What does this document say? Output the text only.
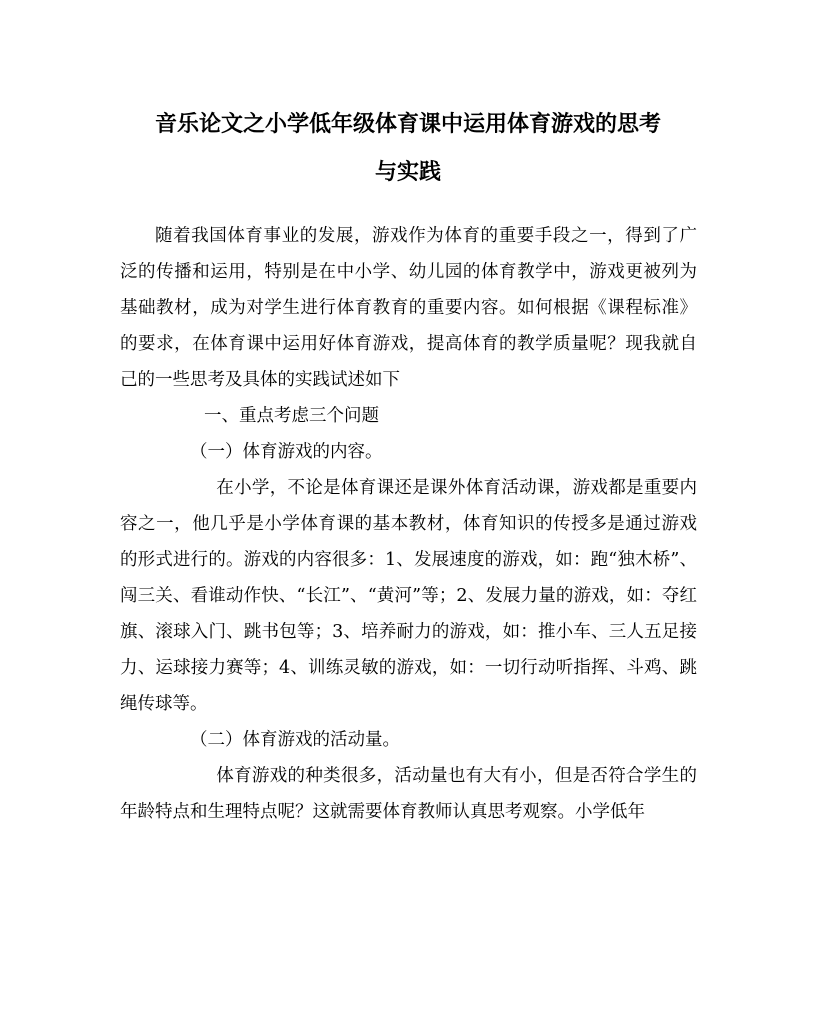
音乐论文之小学低年级体育课中运用体育游戏的思考
与实践

随着我国体育事业的发展，游戏作为体育的重要手段之一，得到了广泛的传播和运用，特别是在中小学、幼儿园的体育教学中，游戏更被列为基础教材，成为对学生进行体育教育的重要内容。如何根据《课程标准》的要求，在体育课中运用好体育游戏，提高体育的教学质量呢？现我就自己的一些思考及具体的实践试述如下

一、重点考虑三个问题

（一）体育游戏的内容。

在小学，不论是体育课还是课外体育活动课，游戏都是重要内容之一，他几乎是小学体育课的基本教材，体育知识的传授多是通过游戏的形式进行的。游戏的内容很多：1、发展速度的游戏，如：跑“独木桥”、闯三关、看谁动作快、“长江”、“黄河”等；2、发展力量的游戏，如：夺红旗、滚球入门、跳书包等；3、培养耐力的游戏，如：推小车、三人五足接力、运球接力赛等；4、训练灵敏的游戏，如：一切行动听指挥、斗鸡、跳绳传球等。

（二）体育游戏的活动量。

体育游戏的种类很多，活动量也有大有小，但是否符合学生的年龄特点和生理特点呢？这就需要体育教师认真思考观察。小学低年
